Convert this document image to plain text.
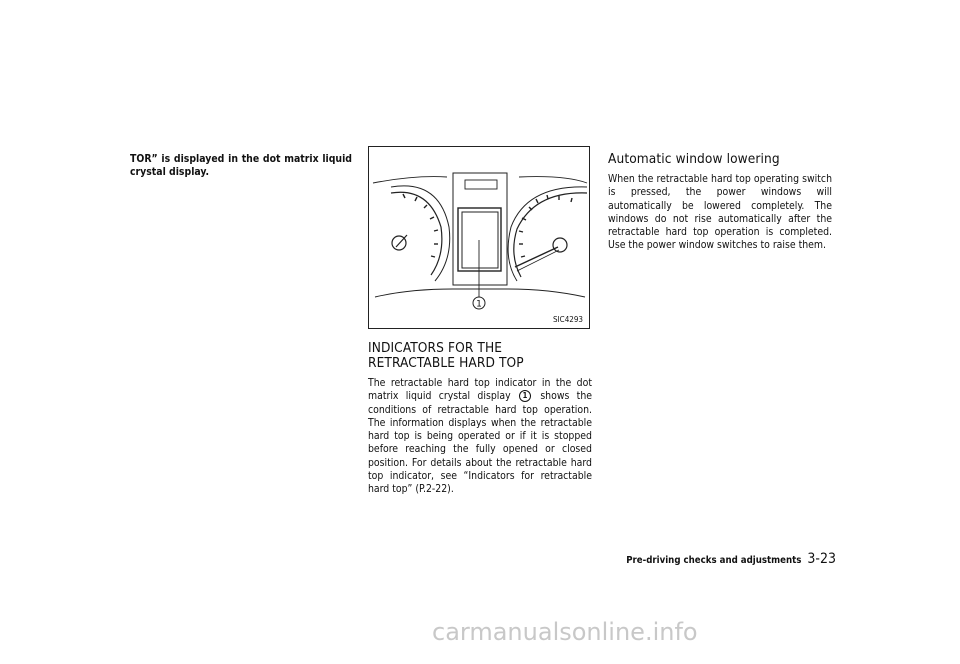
TOR” is displayed in the dot matrix liquid crystal display.

1
SIC4293
INDICATORS FOR THE RETRACTABLE HARD TOP

The retractable hard top indicator in the dot matrix liquid crystal display 1 shows the conditions of retractable hard top operation. The information displays when the retractable hard top is being operated or if it is stopped before reaching the fully opened or closed position. For details about the retractable hard top indicator, see “Indicators for retractable hard top” (P.2-22).

Automatic window lowering

When the retractable hard top operating switch is pressed, the power windows will automatically be lowered completely. The windows do not rise automatically after the retractable hard top operation is completed. Use the power window switches to raise them.

Pre-driving checks and adjustments 3-23
carmanualsonline.info
